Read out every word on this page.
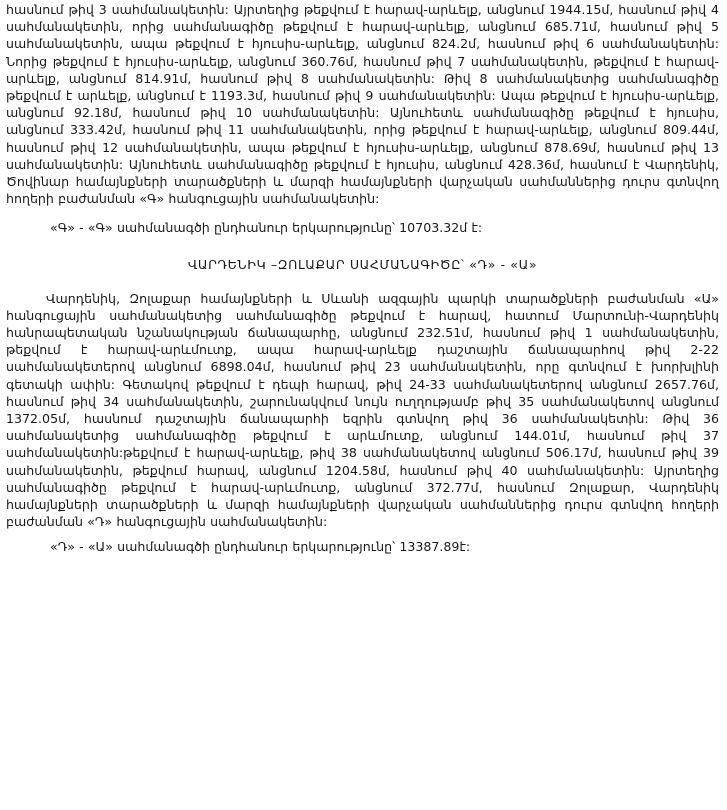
հասնում թիվ 3 սահմանակետին: Այրտեղից թեքվում է հարավ-արևելք, անցնում 1944.15մ, հասնում թիվ 4 սահմանակետին, որից սահմանագիծը թեքվում է հարավ-արևելք, անցնում 685.71մ, հասնում թիվ 5 սահմանակետին, ապա թեքվում է հյուսիս-արևելք, անցնում 824.2մ, հասնում թիվ 6 սահմանակետին: Նորից թեքվում է հյուսիս-արևելք, անցնում 360.76մ, հասնում թիվ 7 սահմանակետին, թեքվում է հարավ-արևելք, անցնում 814.91մ, հասնում թիվ 8 սահմանակետին: Թիվ 8 սահմանակետից սահմանագիծը թեքվում է արևելք, անցնում է 1193.3մ, հասնում թիվ 9 սահմանակետին: Ապա թեքվում է հյուսիս-արևելք, անցնում 92.18մ, հասնում թիվ 10 սահմանակետին: Այնուհետև սահմանագիծը թեքվում է հյուսիս, անցնում 333.42մ, հասնում թիվ 11 սահմանակետին, որից թեքվում է հարավ-արևելք, անցնում 809.44մ, հասնում թիվ 12 սահմանակետին, ապա թեքվում է հյուսիս-արևելք, անցնում 878.69մ, հասնում թիվ 13 սահմանակետին: Այնուհետև սահմանագիծը թեքվում է հյուսիս, անցնում 428.36մ, հասնում է Վարդենիկ, Ծովինար համայնքների տարածքների և մարզի համայնքների վարչական սահմաններից դուրս գտնվող հողերի բաժանման «Գ» հանգուցային սահմանակետին:

«Գ» - «Գ» սահմանագծի ընդհանուր երկարությունը՝ 10703.32մ է:

ՎԱՐԴԵՆԻԿ –ԶՈԼԱՔԱՐ ՍԱՀՄԱՆԱԳԻԾԸ՝ «Դ» - «Ա»

Վարդենիկ, Զոլաքար համայնքների և Սևանի ազգային պարկի տարածքների բաժանման «Ա» հանգուցային սահմանակետից սահմանագիծը թեքվում է հարավ, հատում Մարտունի-Վարդենիկ հանրապետական նշանակության ճանապարհը, անցնում 232.51մ, հասնում թիվ 1 սահմանակետին, թեքվում է հարավ-արևմուտք, ապա հարավ-արևելք դաշտային ճանապարհով թիվ 2-22 սահմանակետերով անցնում 6898.04մ, հասնում թիվ 23 սահմանակետին, որը գտնվում է խորխլինի գետակի ափին: Գետակով թեքվում է դեպի հարավ, թիվ 24-33 սահմանակետերով անցնում 2657.76մ, հասնում թիվ 34 սահմանակետին, շարունակվում նույն ուղղությամբ թիվ 35 սահմանակետով անցնում 1372.05մ, հասնում դաշտային ճանապարհի եզրին գտնվող թիվ 36 սահմանակետին: Թիվ 36 սահմանակետից սահմանագիծը թեքվում է արևմուտք, անցնում 144.01մ, հասնում թիվ 37 սահմանակետին:թեքվում է հարավ-արևելք, թիվ 38 սահմանակետով անցնում 506.17մ, հասնում թիվ 39 սահմանակետին, թեքվում հարավ, անցնում 1204.58մ, հասնում թիվ 40 սահմանակետին: Այրտեղից սահմանագիծը թեքվում է հարավ-արևմուտք, անցնում 372.77մ, հասնում Զոլաքար, Վարդենիկ համայնքների տարածքների և մարզի համայնքների վարչական սահմաններից դուրս գտնվող հողերի բաժանման «Դ» հանգուցային սահմանակետին:

«Դ» - «Ա» սահմանագծի ընդհանուր երկարությունը՝ 13387.89է:
